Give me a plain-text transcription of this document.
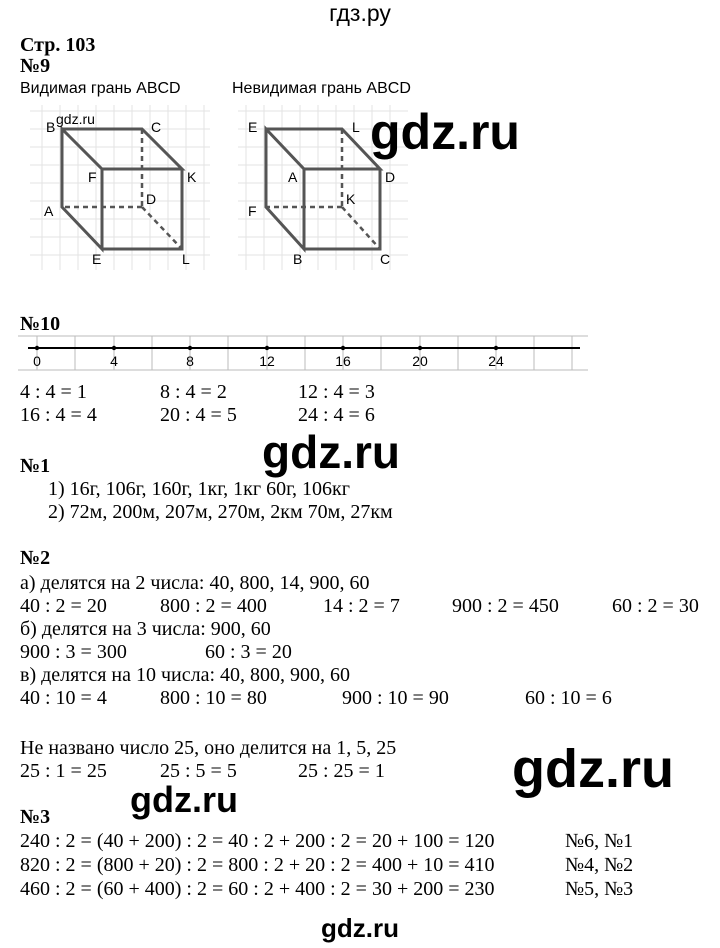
гдз.ру
Стр. 103
№9
Видимая грань ABCD	Невидимая грань ABCD
B	C
F	K
A
D
E	L
gdz.ru	E	L
A	D
F
K
B	C
gdz.ru
№10
0	4	8	12	16	20	24
4 : 4 = 1	8 : 4 = 2	12 : 4 = 3
16 : 4 = 4	20 : 4 = 5	24 : 4 = 6
gdz.ru
№1
1) 16г, 106г, 160г, 1кг, 1кг 60г, 106кг
2) 72м, 200м, 207м, 270м, 2км 70м, 27км
№2
а) делятся на 2 числа: 40, 800, 14, 900, 60
40 : 2 = 20	800 : 2 = 400	14 : 2 = 7	900 : 2 = 450	60 : 2 = 30
б) делятся на 3 числа: 900, 60
900 : 3 = 300	60 : 3 = 20
в) делятся на 10 числа: 40, 800, 900, 60
40 : 10 = 4	800 : 10 = 80	900 : 10 = 90	60 : 10 = 6
Не названо число 25, оно делится на 1, 5, 25
25 : 1 = 25	25 : 5 = 5	25 : 25 = 1 gdz.ru
gdz.ru
№3
240 : 2 = (40 + 200) : 2 = 40 : 2 + 200 : 2 = 20 + 100 = 120	№6, №1
820 : 2 = (800 + 20) : 2 = 800 : 2 + 20 : 2 = 400 + 10 = 410	№4, №2
460 : 2 = (60 + 400) : 2 = 60 : 2 + 400 : 2 = 30 + 200 = 230	№5, №3
gdz.ru
